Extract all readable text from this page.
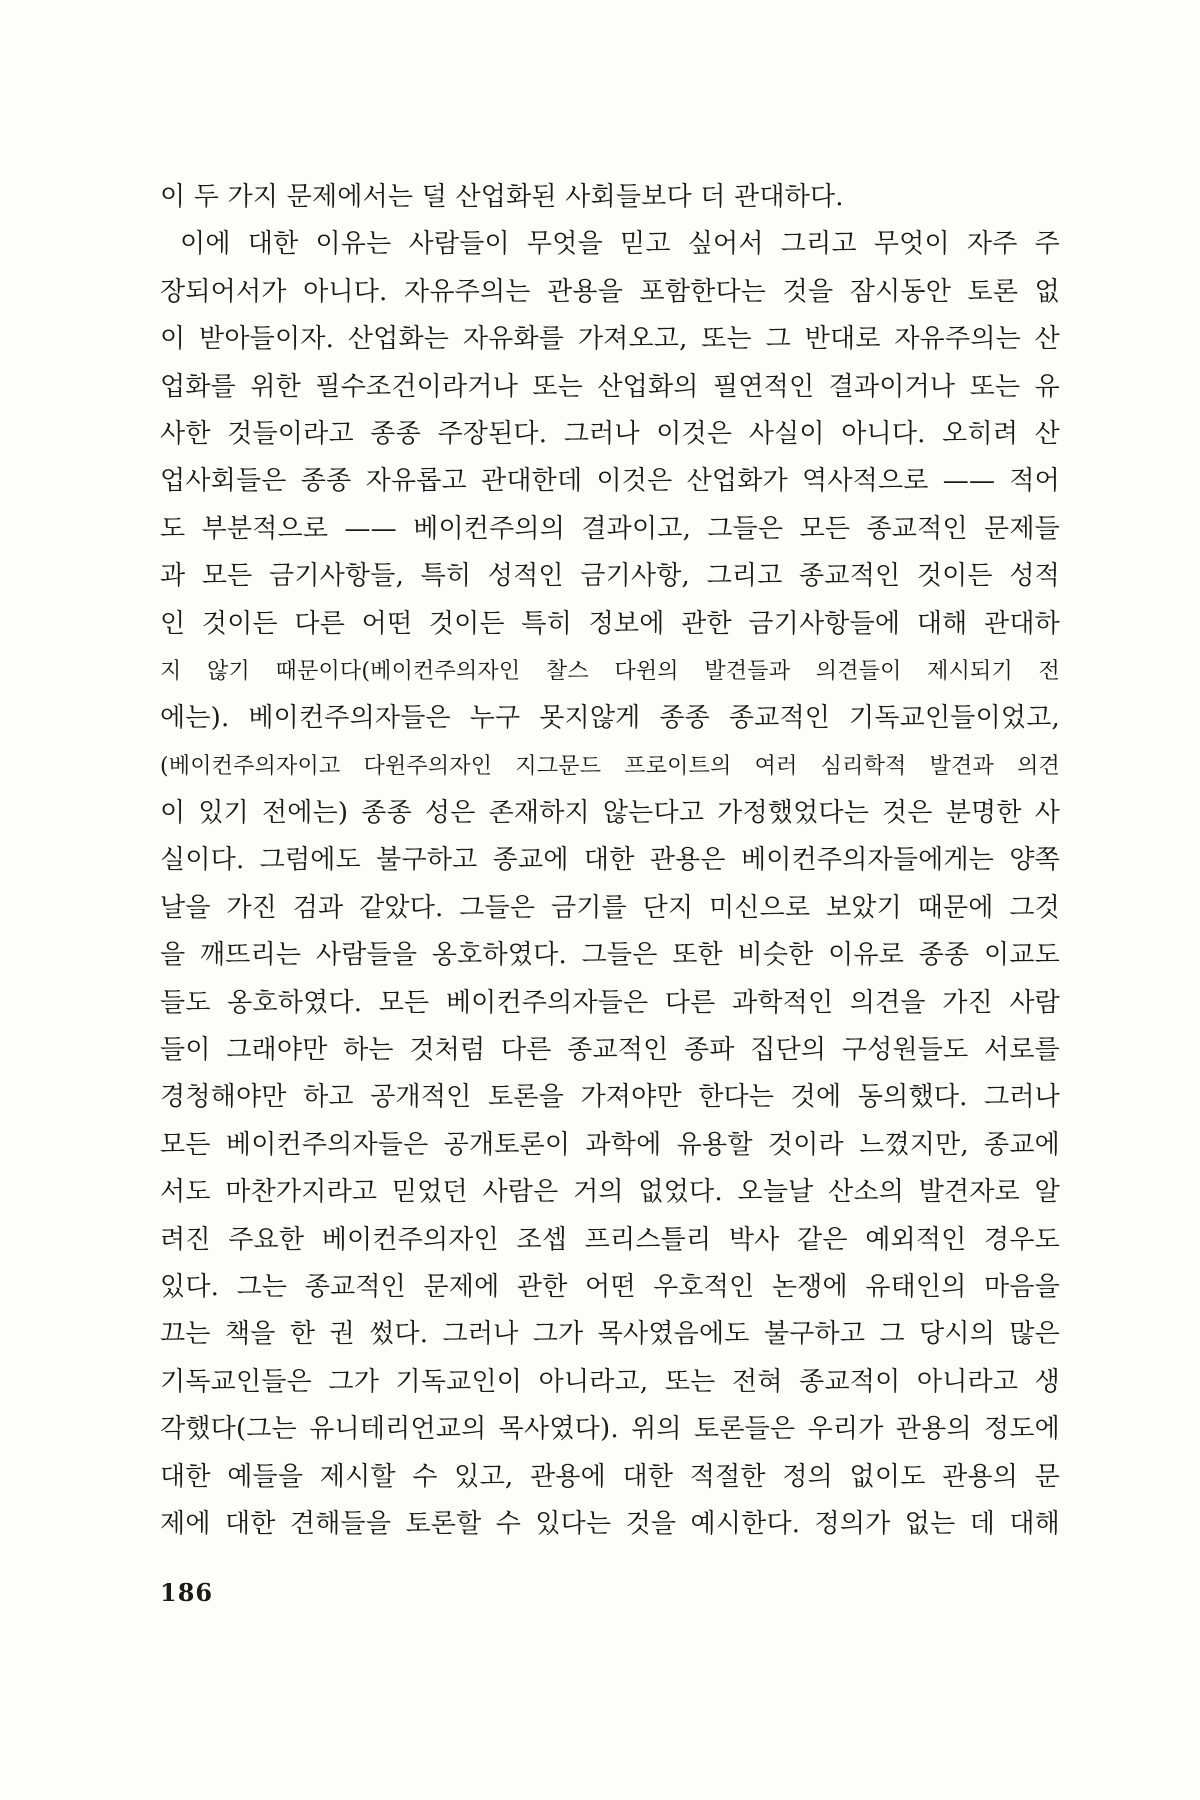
이 두 가지 문제에서는 덜 산업화된 사회들보다 더 관대하다.
이에 대한 이유는 사람들이 무엇을 믿고 싶어서 그리고 무엇이 자주 주
장되어서가 아니다. 자유주의는 관용을 포함한다는 것을 잠시동안 토론 없
이 받아들이자. 산업화는 자유화를 가져오고, 또는 그 반대로 자유주의는 산
업화를 위한 필수조건이라거나 또는 산업화의 필연적인 결과이거나 또는 유
사한 것들이라고 종종 주장된다. 그러나 이것은 사실이 아니다. 오히려 산
업사회들은 종종 자유롭고 관대한데 이것은 산업화가 역사적으로 —— 적어
도 부분적으로 —— 베이컨주의의 결과이고, 그들은 모든 종교적인 문제들
과 모든 금기사항들, 특히 성적인 금기사항, 그리고 종교적인 것이든 성적
인 것이든 다른 어떤 것이든 특히 정보에 관한 금기사항들에 대해 관대하
지 않기 때문이다(베이컨주의자인 찰스 다윈의 발견들과 의견들이 제시되기 전
에는). 베이컨주의자들은 누구 못지않게 종종 종교적인 기독교인들이었고,
(베이컨주의자이고 다윈주의자인 지그문드 프로이트의 여러 심리학적 발견과 의견
이 있기 전에는) 종종 성은 존재하지 않는다고 가정했었다는 것은 분명한 사
실이다. 그럼에도 불구하고 종교에 대한 관용은 베이컨주의자들에게는 양쪽
날을 가진 검과 같았다. 그들은 금기를 단지 미신으로 보았기 때문에 그것
을 깨뜨리는 사람들을 옹호하였다. 그들은 또한 비슷한 이유로 종종 이교도
들도 옹호하였다. 모든 베이컨주의자들은 다른 과학적인 의견을 가진 사람
들이 그래야만 하는 것처럼 다른 종교적인 종파 집단의 구성원들도 서로를
경청해야만 하고 공개적인 토론을 가져야만 한다는 것에 동의했다. 그러나
모든 베이컨주의자들은 공개토론이 과학에 유용할 것이라 느꼈지만, 종교에
서도 마찬가지라고 믿었던 사람은 거의 없었다. 오늘날 산소의 발견자로 알
려진 주요한 베이컨주의자인 조셉 프리스틀리 박사 같은 예외적인 경우도
있다. 그는 종교적인 문제에 관한 어떤 우호적인 논쟁에 유태인의 마음을
끄는 책을 한 권 썼다. 그러나 그가 목사였음에도 불구하고 그 당시의 많은
기독교인들은 그가 기독교인이 아니라고, 또는 전혀 종교적이 아니라고 생
각했다(그는 유니테리언교의 목사였다). 위의 토론들은 우리가 관용의 정도에
대한 예들을 제시할 수 있고, 관용에 대한 적절한 정의 없이도 관용의 문
제에 대한 견해들을 토론할 수 있다는 것을 예시한다. 정의가 없는 데 대해
186
